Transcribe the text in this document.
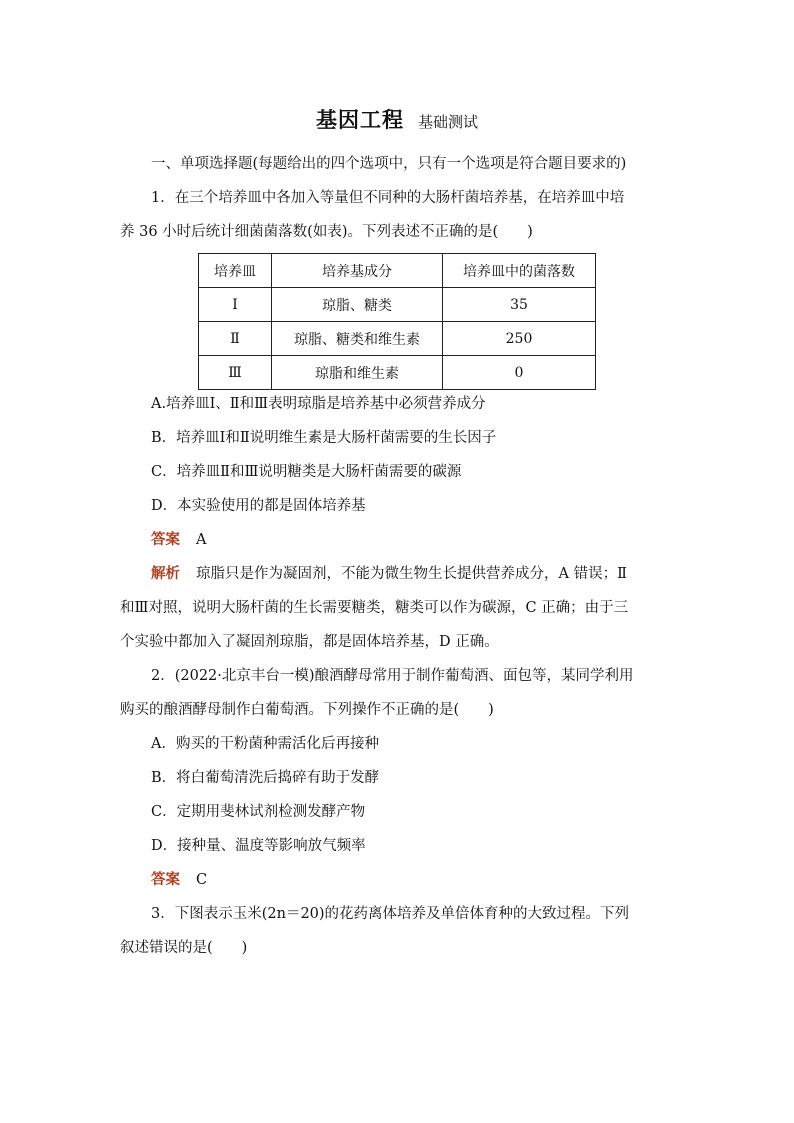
基因工程 基础测试
一、单项选择题(每题给出的四个选项中，只有一个选项是符合题目要求的)
1．在三个培养皿中各加入等量但不同种的大肠杆菌培养基，在培养皿中培
养 36 小时后统计细菌菌落数(如表)。下列表述不正确的是(　　)
培养皿	培养基成分	培养皿中的菌落数
Ⅰ	琼脂、糖类	35
Ⅱ	琼脂、糖类和维生素	250
Ⅲ	琼脂和维生素	0
A.培养皿Ⅰ、Ⅱ和Ⅲ表明琼脂是培养基中必须营养成分
B．培养皿Ⅰ和Ⅱ说明维生素是大肠杆菌需要的生长因子
C．培养皿Ⅱ和Ⅲ说明糖类是大肠杆菌需要的碳源
D．本实验使用的都是固体培养基
答案 A
解析 琼脂只是作为凝固剂，不能为微生物生长提供营养成分，A 错误；Ⅱ
和Ⅲ对照，说明大肠杆菌的生长需要糖类，糖类可以作为碳源，C 正确；由于三
个实验中都加入了凝固剂琼脂，都是固体培养基，D 正确。
2．(2022·北京丰台一模)酿酒酵母常用于制作葡萄酒、面包等，某同学利用
购买的酿酒酵母制作白葡萄酒。下列操作不正确的是(　　)
A．购买的干粉菌种需活化后再接种
B．将白葡萄清洗后捣碎有助于发酵
C．定期用斐林试剂检测发酵产物
D．接种量、温度等影响放气频率
答案 C
3．下图表示玉米(2n＝20)的花药离体培养及单倍体育种的大致过程。下列
叙述错误的是(　　)
